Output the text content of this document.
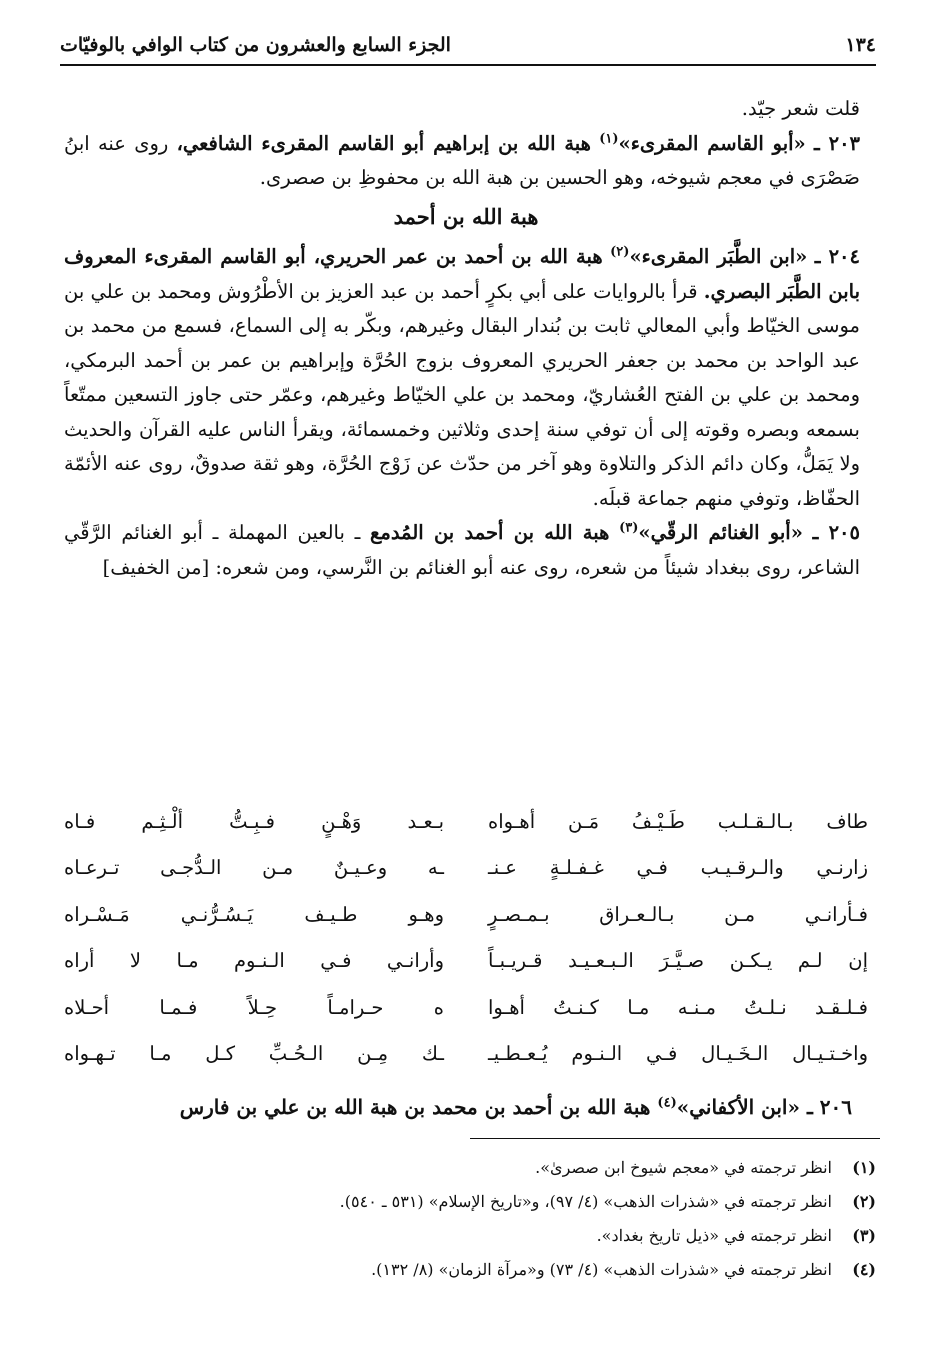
١٣٤
الجزء السابع والعشرون من كتاب الوافي بالوفيّات

قلت شعر جيّد.

٢٠٣ ـ «أبو القاسم المقرىء»$^{(١)}$ هبة الله بن إبراهيم أبو القاسم المقرىء الشافعي، روى عنه ابنُ صَصْرَى في معجم شيوخه، وهو الحسين بن هبة الله بن محفوظِ بن صصرى.

هبة الله بن أحمد

٢٠٤ ـ «ابن الطَّبَر المقرىء»$^{(٢)}$ هبة الله بن أحمد بن عمر الحريري، أبو القاسم المقرىء المعروف بابن الطَّبَر البصري. قرأ بالروايات على أبي بكرٍ أحمد بن عبد العزيز بن الأطْرُوش ومحمد بن علي بن موسى الخيّاط وأبي المعالي ثابت بن بُندار البقال وغيرهم، وبكّر به إلى السماع، فسمع من محمد بن عبد الواحد بن محمد بن جعفر الحريري المعروف بزوج الحُرَّة وإبراهيم بن عمر بن أحمد البرمكي، ومحمد بن علي بن الفتح العُشاريّ، ومحمد بن علي الخيّاط وغيرهم، وعمّر حتى جاوز التسعين ممتّعاً بسمعه وبصره وقوته إلى أن توفي سنة إحدى وثلاثين وخمسمائة، ويقرأ الناس عليه القرآن والحديث ولا يَمَلُّ، وكان دائم الذكر والتلاوة وهو آخر من حدّث عن زَوْج الحُرَّة، وهو ثقة صدوقٌ، روى عنه الأئمّة الحفّاظ، وتوفي منهم جماعة قبلَه.

٢٠٥ ـ «أبو الغنائم الرقّي»$^{(٣)}$ هبة الله بن أحمد بن المُدمع ـ بالعين المهملة ـ أبو الغنائم الرَّقّي الشاعر، روى ببغداد شيئاً من شعره، روى عنه أبو الغنائم بن النَّرسي، ومن شعره: [من الخفيف]

طاف بـالـقـلـب طَـيْـفُ مَـن أهـواه
بـعـد وَهْـنٍ فـبِـتُّ ألْـثِـم فـاه
زارنـي والـرقـيـب فـي غـفـلـةٍ عـنـ
ـه وعـيـنٌ مـن الـدُّجـى تـرعـاه
فـأرانـي مـن بـالـعـراق بـمـصـرٍ
وهـو طـيـف يَـسُـرُّنـي مَـسْـراه
إن لـم يـكـن صـيَّـرَ الـبـعـيـد قـريـبـاً
وأرانـي فـي الـنـوم مـا لا أراه
فـلـقـد نـلـتُ مـنـه مـا كـنـتُ أهـوا
ه حـرامـاً حِـلاً فـمـا أحـلاه
واخـتـيـال الـخَـيـال فـي الـنـوم يُـعـطـيـ
ـك مِـن الـحُـبِّ كـل مـا تـهـواه
٢٠٦ ـ «ابن الأكفاني»$^{(٤)}$ هبة الله بن أحمد بن محمد بن هبة الله بن علي بن فارس
(١)
انظر ترجمته في «معجم شيوخ ابن صصرىٰ».
(٢)
انظر ترجمته في «شذرات الذهب» (٤/ ٩٧)، و«تاريخ الإسلام» (٥٣١ ـ ٥٤٠).
(٣)
انظر ترجمته في «ذيل تاريخ بغداد».
(٤)
انظر ترجمته في «شذرات الذهب» (٤/ ٧٣) و«مرآة الزمان» (٨/ ١٣٢).
